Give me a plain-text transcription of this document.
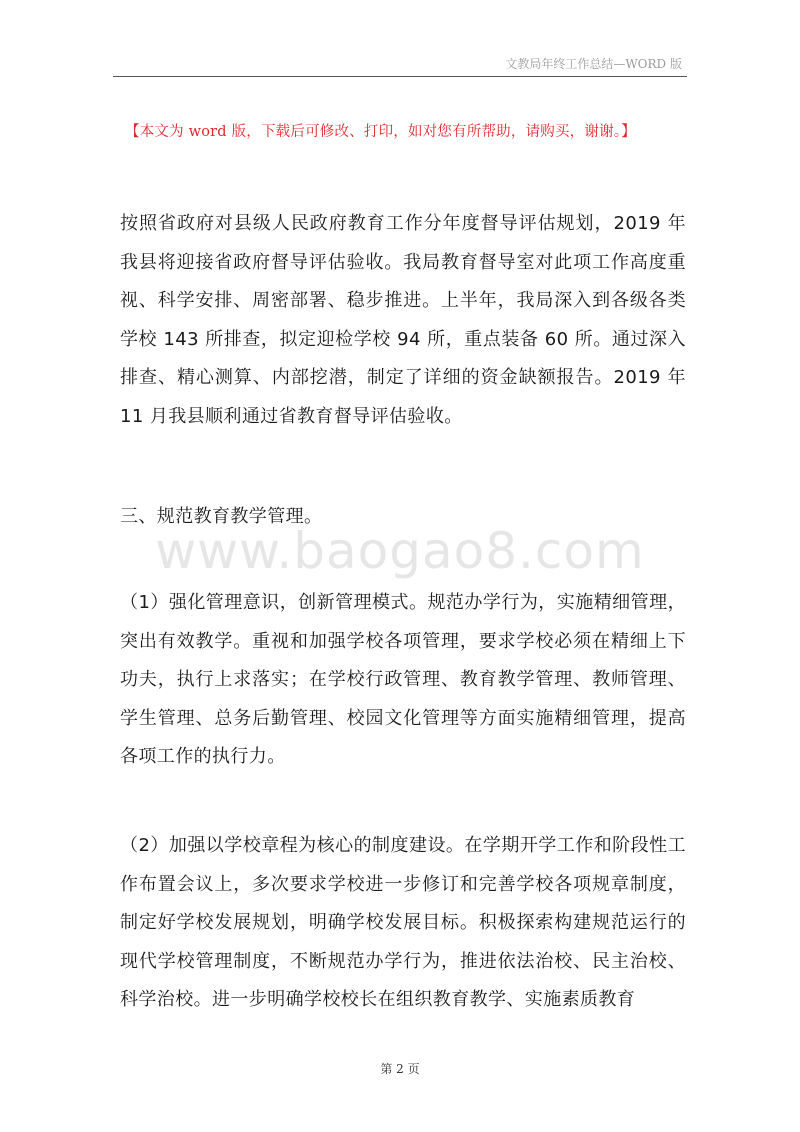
文教局年终工作总结—WORD 版
【本文为 word 版，下载后可修改、打印，如对您有所帮助，请购买，谢谢。】
www.baogao8.com
按照省政府对县级人民政府教育工作分年度督导评估规划，2019 年我县将迎接省政府督导评估验收。我局教育督导室对此项工作高度重视、科学安排、周密部署、稳步推进。上半年，我局深入到各级各类学校 143 所排查，拟定迎检学校 94 所，重点装备 60 所。通过深入排查、精心测算、内部挖潜，制定了详细的资金缺额报告。2019 年 11 月我县顺利通过省教育督导评估验收。
三、规范教育教学管理。
（1）强化管理意识，创新管理模式。规范办学行为，实施精细管理，突出有效教学。重视和加强学校各项管理，要求学校必须在精细上下功夫，执行上求落实；在学校行政管理、教育教学管理、教师管理、学生管理、总务后勤管理、校园文化管理等方面实施精细管理，提高各项工作的执行力。
（2）加强以学校章程为核心的制度建设。在学期开学工作和阶段性工作布置会议上，多次要求学校进一步修订和完善学校各项规章制度，制定好学校发展规划，明确学校发展目标。积极探索构建规范运行的现代学校管理制度，不断规范办学行为，推进依法治校、民主治校、科学治校。进一步明确学校校长在组织教育教学、实施素质教育
第 2 页
